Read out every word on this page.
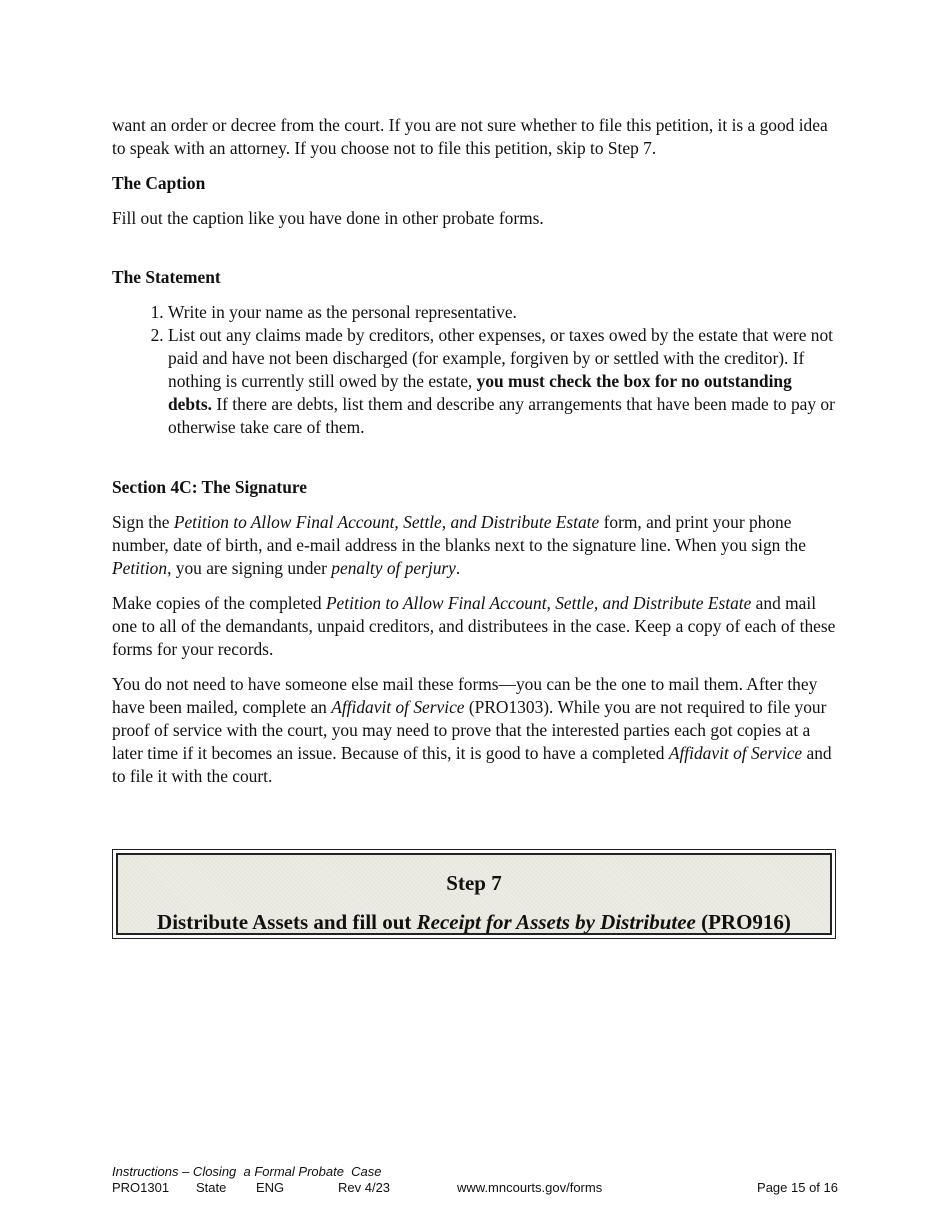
want an order or decree from the court. If you are not sure whether to file this petition, it is a good idea to speak with an attorney. If you choose not to file this petition, skip to Step 7.

The Caption

Fill out the caption like you have done in other probate forms.

The Statement

1. Write in your name as the personal representative.
2. List out any claims made by creditors, other expenses, or taxes owed by the estate that were not paid and have not been discharged (for example, forgiven by or settled with the creditor). If nothing is currently still owed by the estate, you must check the box for no outstanding debts. If there are debts, list them and describe any arrangements that have been made to pay or otherwise take care of them.

Section 4C: The Signature

Sign the Petition to Allow Final Account, Settle, and Distribute Estate form, and print your phone number, date of birth, and e-mail address in the blanks next to the signature line. When you sign the Petition, you are signing under penalty of perjury.

Make copies of the completed Petition to Allow Final Account, Settle, and Distribute Estate and mail one to all of the demandants, unpaid creditors, and distributees in the case. Keep a copy of each of these forms for your records.

You do not need to have someone else mail these forms—you can be the one to mail them. After they have been mailed, complete an Affidavit of Service (PRO1303). While you are not required to file your proof of service with the court, you may need to prove that the interested parties each got copies at a later time if it becomes an issue. Because of this, it is good to have a completed Affidavit of Service and to file it with the court.

Step 7
Distribute Assets and fill out Receipt for Assets by Distributee (PRO916)
Instructions – Closing  a Formal Probate  Case
PRO1301 State ENG	Rev 4/23	www.mncourts.gov/forms	Page 15 of 16
